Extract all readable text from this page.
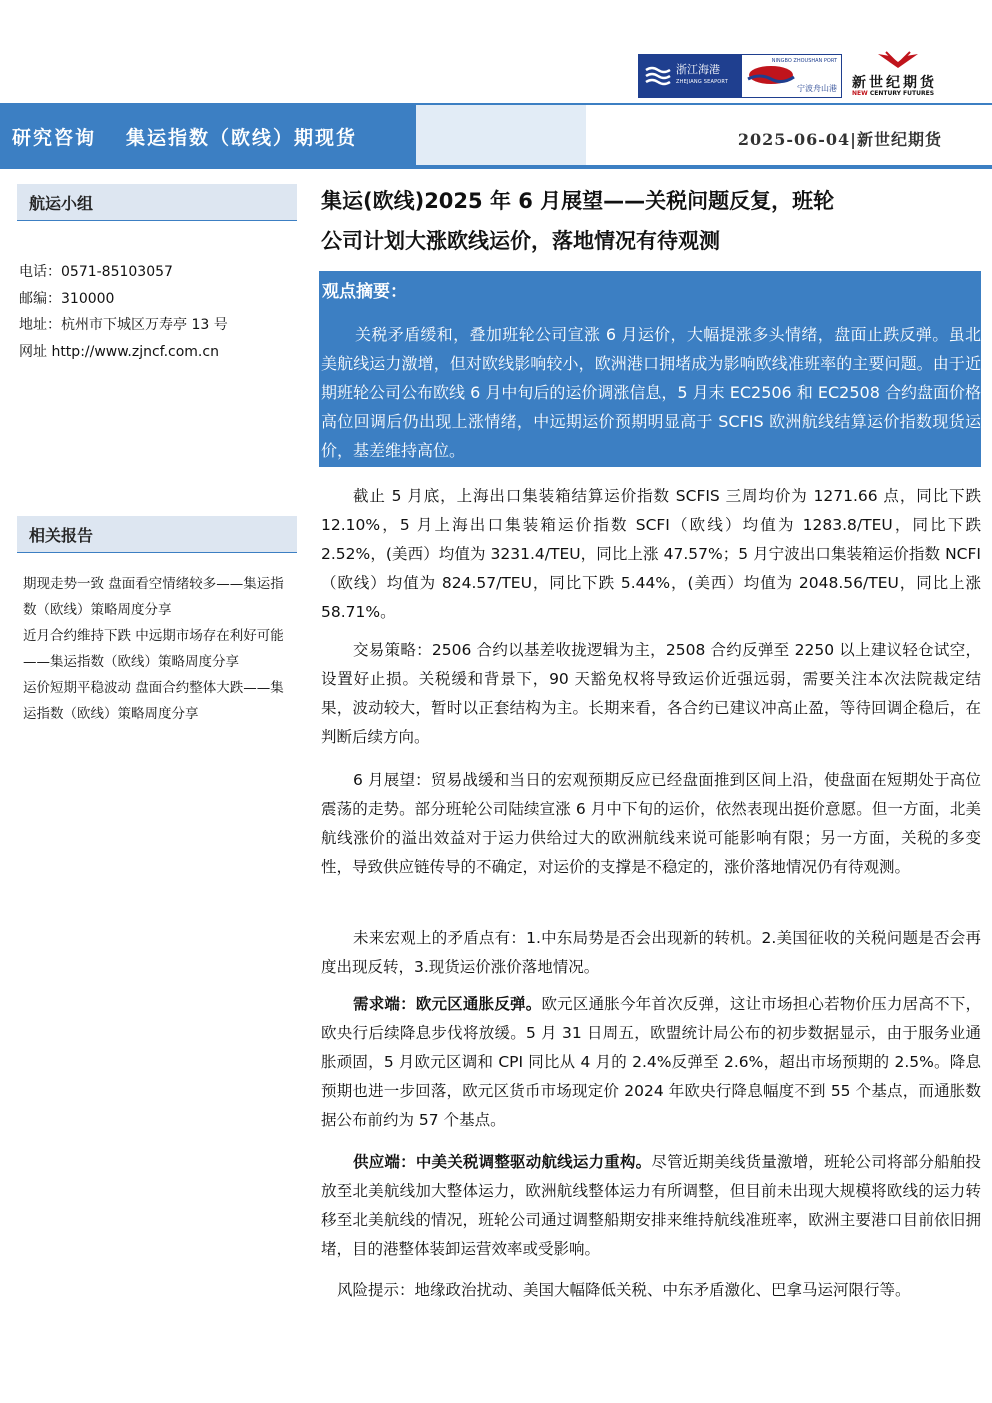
浙江海港
ZHEJIANG SEAPORT
NINGBO ZHOUSHAN PORT
宁波舟山港 新世纪期货
NEW CENTURY FUTURES
研究咨询 集运指数（欧线）期现货	2025-06-04|新世纪期货
航运小组
电话：0571-85103057
邮编：310000
地址：杭州市下城区万寿亭 13 号
网址 http://www.zjncf.com.cn
相关报告
期现走势一致 盘面看空情绪较多——集运指数（欧线）策略周度分享
近月合约维持下跌 中远期市场存在利好可能——集运指数（欧线）策略周度分享
运价短期平稳波动 盘面合约整体大跌——集运指数（欧线）策略周度分享
集运(欧线)2025 年 6 月展望——关税问题反复，班轮
公司计划大涨欧线运价，落地情况有待观测
观点摘要：
关税矛盾缓和，叠加班轮公司宣涨 6 月运价，大幅提涨多头情绪，盘面止跌反弹。虽北美航线运力激增，但对欧线影响较小，欧洲港口拥堵成为影响欧线准班率的主要问题。由于近期班轮公司公布欧线 6 月中旬后的运价调涨信息，5 月末 EC2506 和 EC2508 合约盘面价格高位回调后仍出现上涨情绪，中远期运价预期明显高于 SCFIS 欧洲航线结算运价指数现货运价，基差维持高位。
截止 5 月底，上海出口集装箱结算运价指数 SCFIS 三周均价为 1271.66 点，同比下跌 12.10%，5 月上海出口集装箱运价指数 SCFI（欧线）均值为 1283.8/TEU，同比下跌 2.52%，(美西）均值为 3231.4/TEU，同比上涨 47.57%；5 月宁波出口集装箱运价指数 NCFI（欧线）均值为 824.57/TEU，同比下跌 5.44%，(美西）均值为 2048.56/TEU，同比上涨 58.71%。
交易策略：2506 合约以基差收拢逻辑为主，2508 合约反弹至 2250 以上建议轻仓试空，设置好止损。关税缓和背景下，90 天豁免权将导致运价近强远弱，需要关注本次法院裁定结果，波动较大，暂时以正套结构为主。长期来看，各合约已建议冲高止盈，等待回调企稳后，在判断后续方向。
6 月展望：贸易战缓和当日的宏观预期反应已经盘面推到区间上沿，使盘面在短期处于高位震荡的走势。部分班轮公司陆续宣涨 6 月中下旬的运价，依然表现出挺价意愿。但一方面，北美航线涨价的溢出效益对于运力供给过大的欧洲航线来说可能影响有限；另一方面，关税的多变性，导致供应链传导的不确定，对运价的支撑是不稳定的，涨价落地情况仍有待观测。
未来宏观上的矛盾点有：1.中东局势是否会出现新的转机。2.美国征收的关税问题是否会再度出现反转，3.现货运价涨价落地情况。
需求端：欧元区通胀反弹。欧元区通胀今年首次反弹，这让市场担心若物价压力居高不下，欧央行后续降息步伐将放缓。5 月 31 日周五，欧盟统计局公布的初步数据显示，由于服务业通胀顽固，5 月欧元区调和 CPI 同比从 4 月的 2.4%反弹至 2.6%，超出市场预期的 2.5%。降息预期也进一步回落，欧元区货币市场现定价 2024 年欧央行降息幅度不到 55 个基点，而通胀数据公布前约为 57 个基点。
供应端：中美关税调整驱动航线运力重构。尽管近期美线货量激增，班轮公司将部分船舶投放至北美航线加大整体运力，欧洲航线整体运力有所调整，但目前未出现大规模将欧线的运力转移至北美航线的情况，班轮公司通过调整船期安排来维持航线准班率，欧洲主要港口目前依旧拥堵，目的港整体装卸运营效率或受影响。
风险提示：地缘政治扰动、美国大幅降低关税、中东矛盾激化、巴拿马运河限行等。
